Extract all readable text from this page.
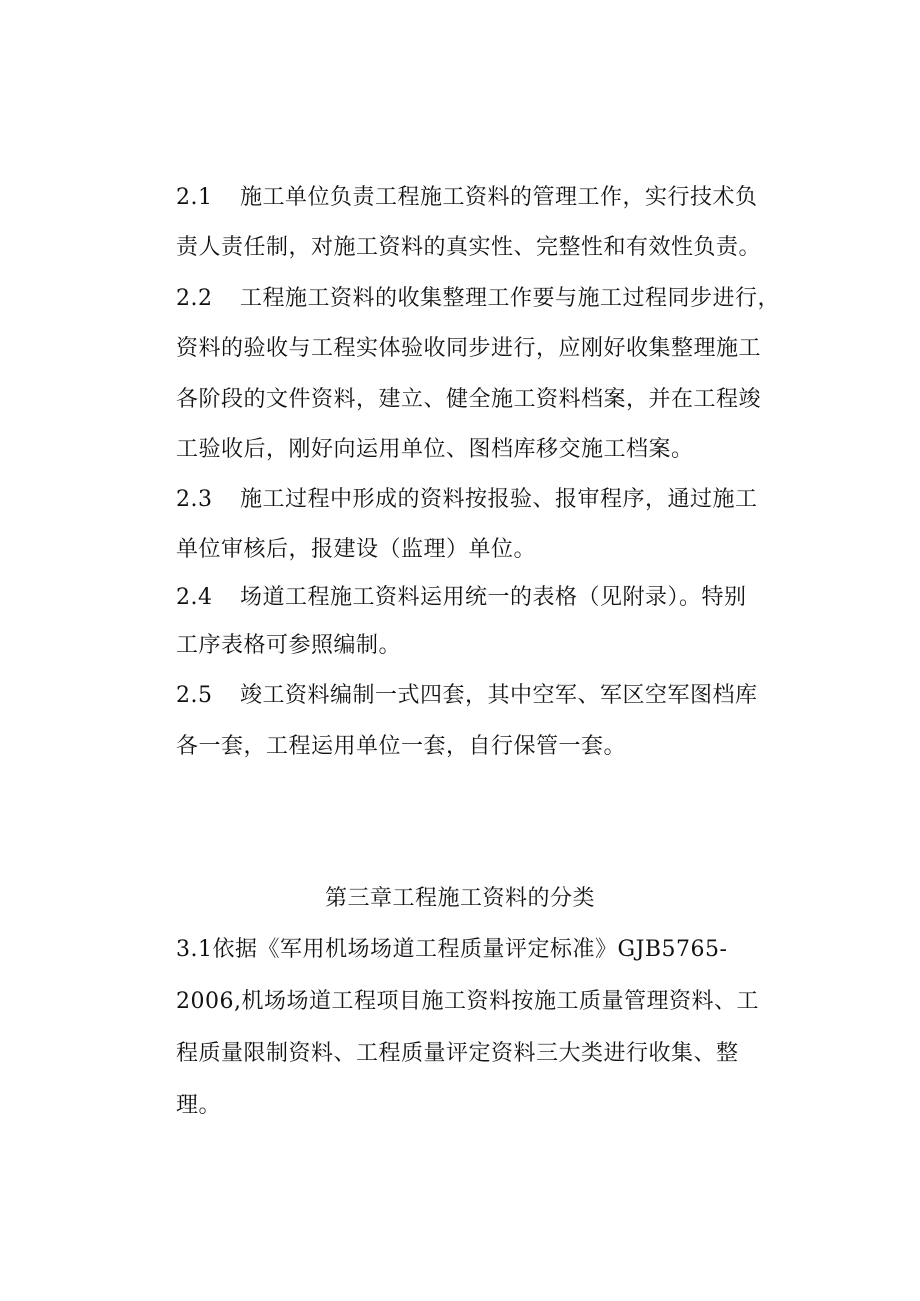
2.1 施工单位负责工程施工资料的管理工作，实行技术负
责人责任制，对施工资料的真实性、完整性和有效性负责。
2.2 工程施工资料的收集整理工作要与施工过程同步进行，
资料的验收与工程实体验收同步进行，应刚好收集整理施工
各阶段的文件资料，建立、健全施工资料档案，并在工程竣
工验收后，刚好向运用单位、图档库移交施工档案。
2.3 施工过程中形成的资料按报验、报审程序，通过施工
单位审核后，报建设（监理）单位。
2.4 场道工程施工资料运用统一的表格（见附录）。特别
工序表格可参照编制。
2.5 竣工资料编制一式四套，其中空军、军区空军图档库
各一套，工程运用单位一套，自行保管一套。
第三章工程施工资料的分类
3.1依据《军用机场场道工程质量评定标准》GJB5765-
2006,机场场道工程项目施工资料按施工质量管理资料、工
程质量限制资料、工程质量评定资料三大类进行收集、整
理。
